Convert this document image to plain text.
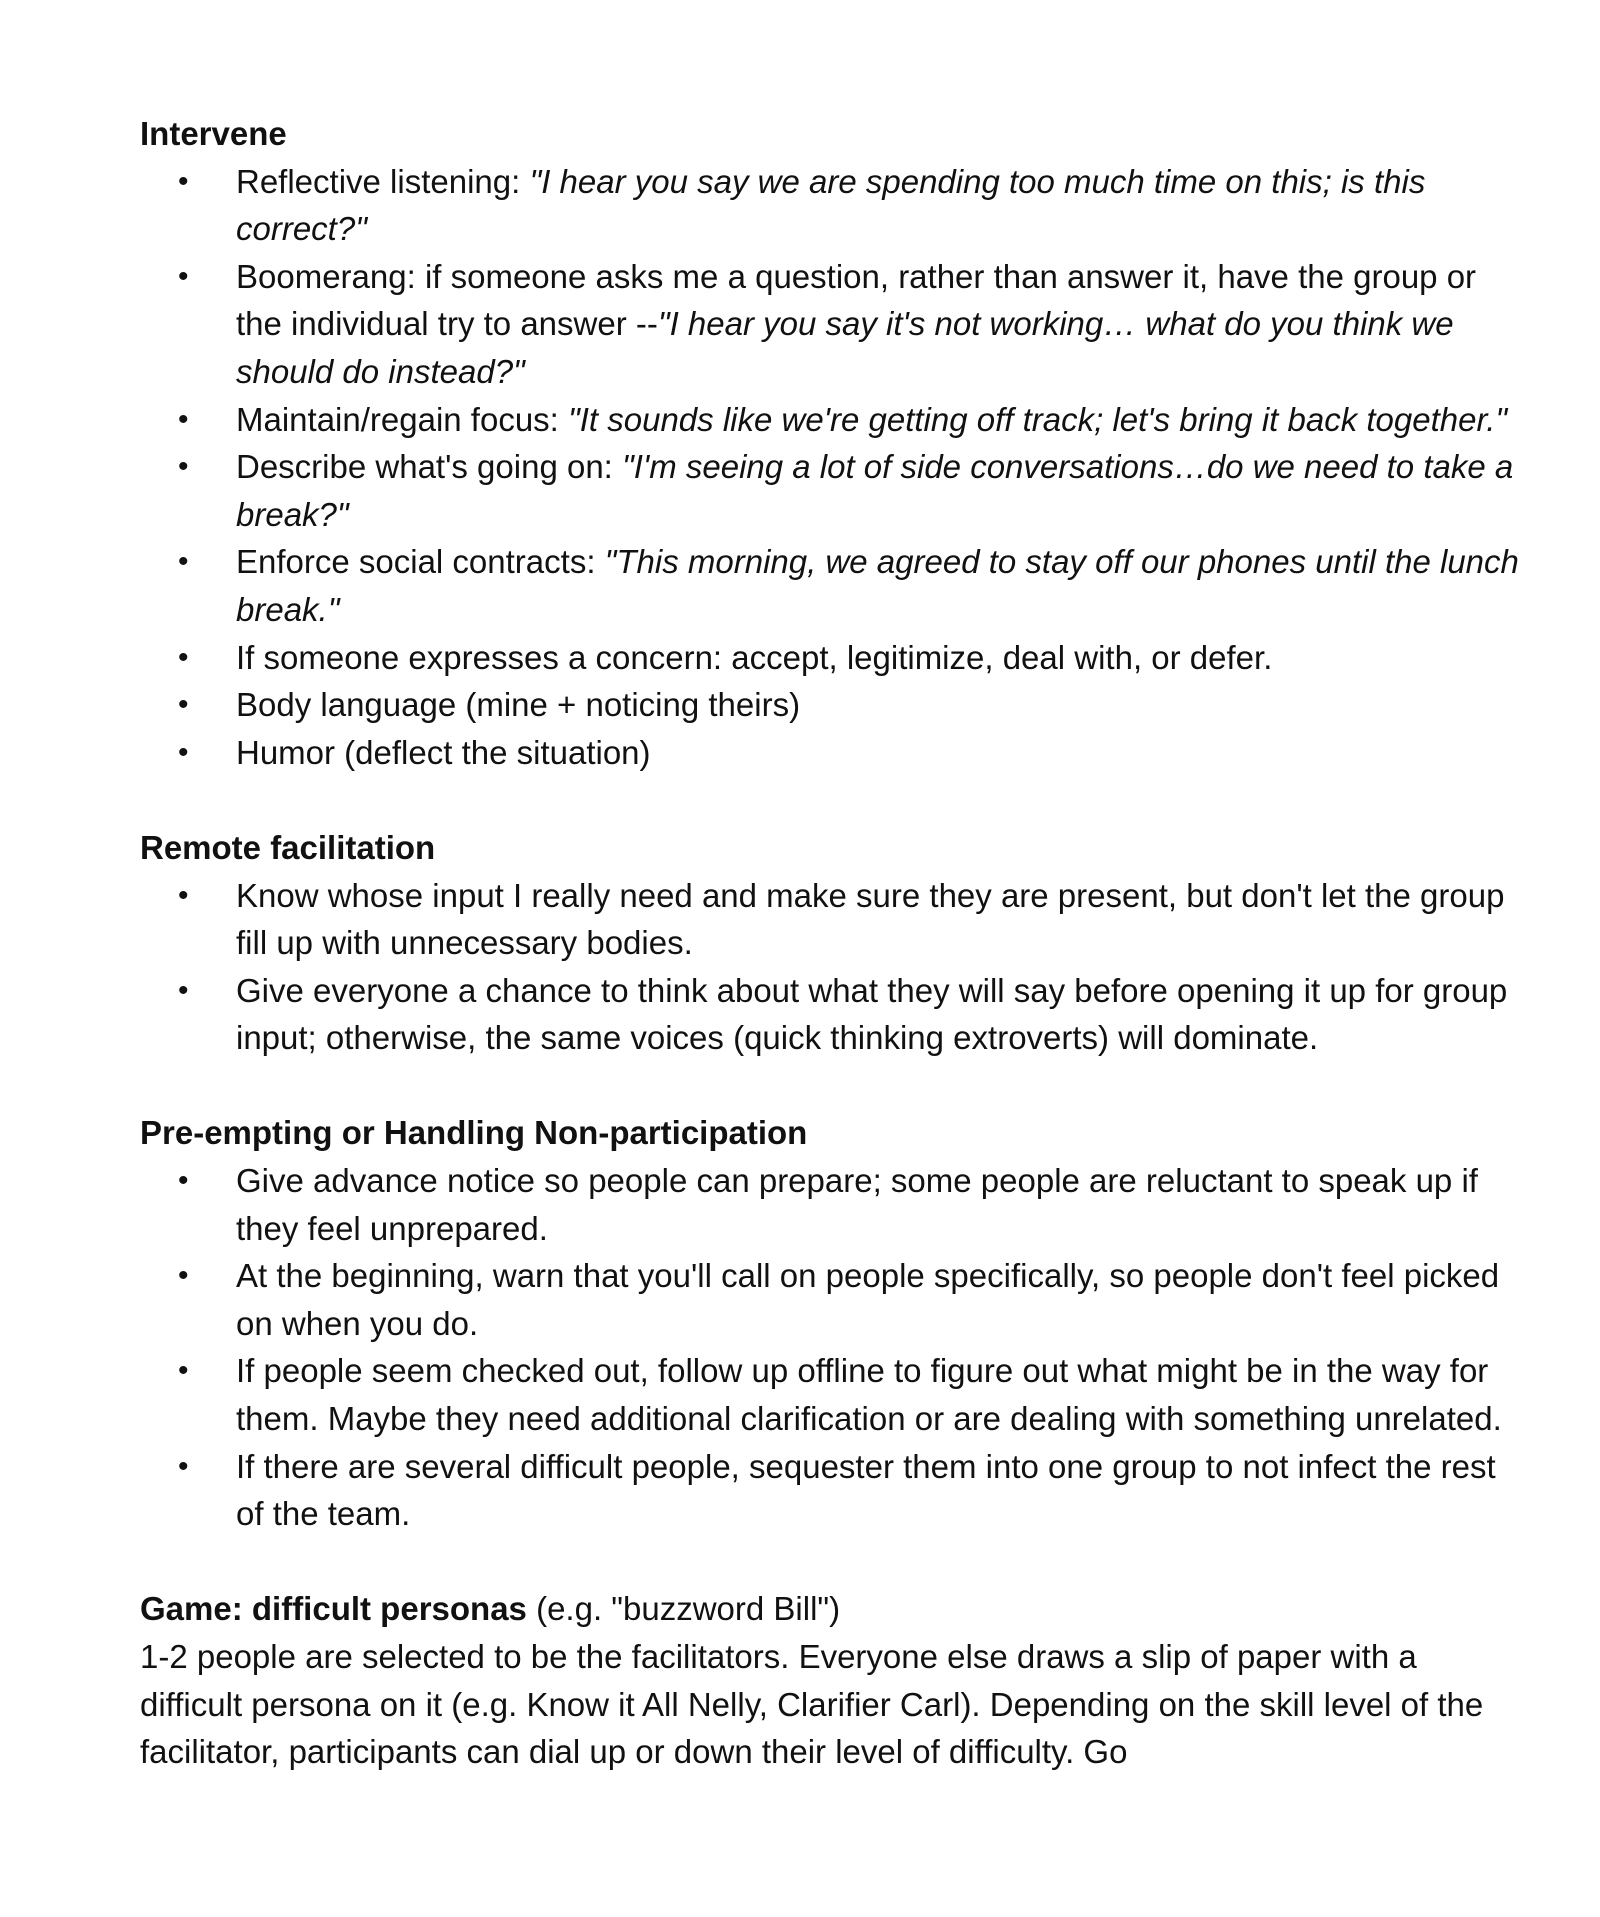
Intervene

• Reflective listening: "I hear you say we are spending too much time on this; is this correct?"
• Boomerang: if someone asks me a question, rather than answer it, have the group or the individual try to answer --"I hear you say it's not working… what do you think we should do instead?"
• Maintain/regain focus: "It sounds like we're getting off track; let's bring it back together."
• Describe what's going on: "I'm seeing a lot of side conversations…do we need to take a break?"
• Enforce social contracts: "This morning, we agreed to stay off our phones until the lunch break."
• If someone expresses a concern: accept, legitimize, deal with, or defer.
• Body language (mine + noticing theirs)
• Humor (deflect the situation)

Remote facilitation

• Know whose input I really need and make sure they are present, but don't let the group fill up with unnecessary bodies.
• Give everyone a chance to think about what they will say before opening it up for group input; otherwise, the same voices (quick thinking extroverts) will dominate.

Pre-empting or Handling Non-participation

• Give advance notice so people can prepare; some people are reluctant to speak up if they feel unprepared.
• At the beginning, warn that you'll call on people specifically, so people don't feel picked on when you do.
• If people seem checked out, follow up offline to figure out what might be in the way for them. Maybe they need additional clarification or are dealing with something unrelated.
• If there are several difficult people, sequester them into one group to not infect the rest of the team.

Game: difficult personas (e.g. "buzzword Bill")

1-2 people are selected to be the facilitators. Everyone else draws a slip of paper with a difficult persona on it (e.g. Know it All Nelly, Clarifier Carl). Depending on the skill level of the facilitator, participants can dial up or down their level of difficulty. Go
